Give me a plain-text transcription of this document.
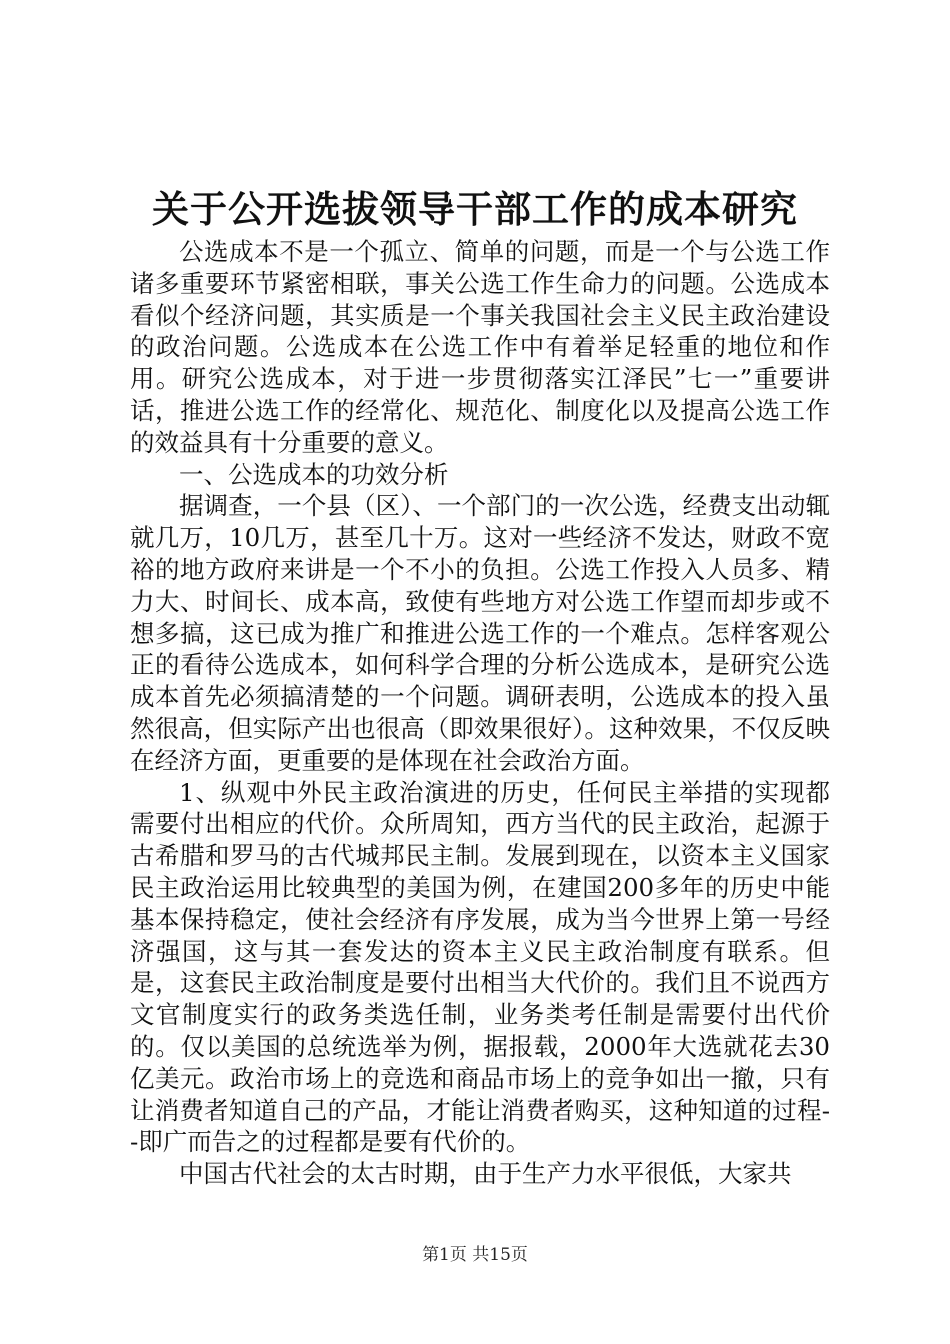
关于公开选拔领导干部工作的成本研究

公选成本不是一个孤立、简单的问题，而是一个与公选工作诸多重要环节紧密相联，事关公选工作生命力的问题。公选成本看似个经济问题，其实质是一个事关我国社会主义民主政治建设的政治问题。公选成本在公选工作中有着举足轻重的地位和作用。研究公选成本，对于进一步贯彻落实江泽民”七一”重要讲话，推进公选工作的经常化、规范化、制度化以及提高公选工作的效益具有十分重要的意义。

一、公选成本的功效分析

据调查，一个县（区）、一个部门的一次公选，经费支出动辄就几万，10几万，甚至几十万。这对一些经济不发达，财政不宽裕的地方政府来讲是一个不小的负担。公选工作投入人员多、精力大、时间长、成本高，致使有些地方对公选工作望而却步或不想多搞，这已成为推广和推进公选工作的一个难点。怎样客观公正的看待公选成本，如何科学合理的分析公选成本，是研究公选成本首先必须搞清楚的一个问题。调研表明，公选成本的投入虽然很高，但实际产出也很高（即效果很好）。这种效果，不仅反映在经济方面，更重要的是体现在社会政治方面。

1、纵观中外民主政治演进的历史，任何民主举措的实现都需要付出相应的代价。众所周知，西方当代的民主政治，起源于古希腊和罗马的古代城邦民主制。发展到现在，以资本主义国家民主政治运用比较典型的美国为例，在建国200多年的历史中能基本保持稳定，使社会经济有序发展，成为当今世界上第一号经济强国，这与其一套发达的资本主义民主政治制度有联系。但是，这套民主政治制度是要付出相当大代价的。我们且不说西方文官制度实行的政务类选任制，业务类考任制是需要付出代价的。仅以美国的总统选举为例，据报载，2000年大选就花去30亿美元。政治市场上的竞选和商品市场上的竞争如出一撤，只有让消费者知道自己的产品，才能让消费者购买，这种知道的过程--即广而告之的过程都是要有代价的。

中国古代社会的太古时期，由于生产力水平很低，大家共

第1页 共15页
